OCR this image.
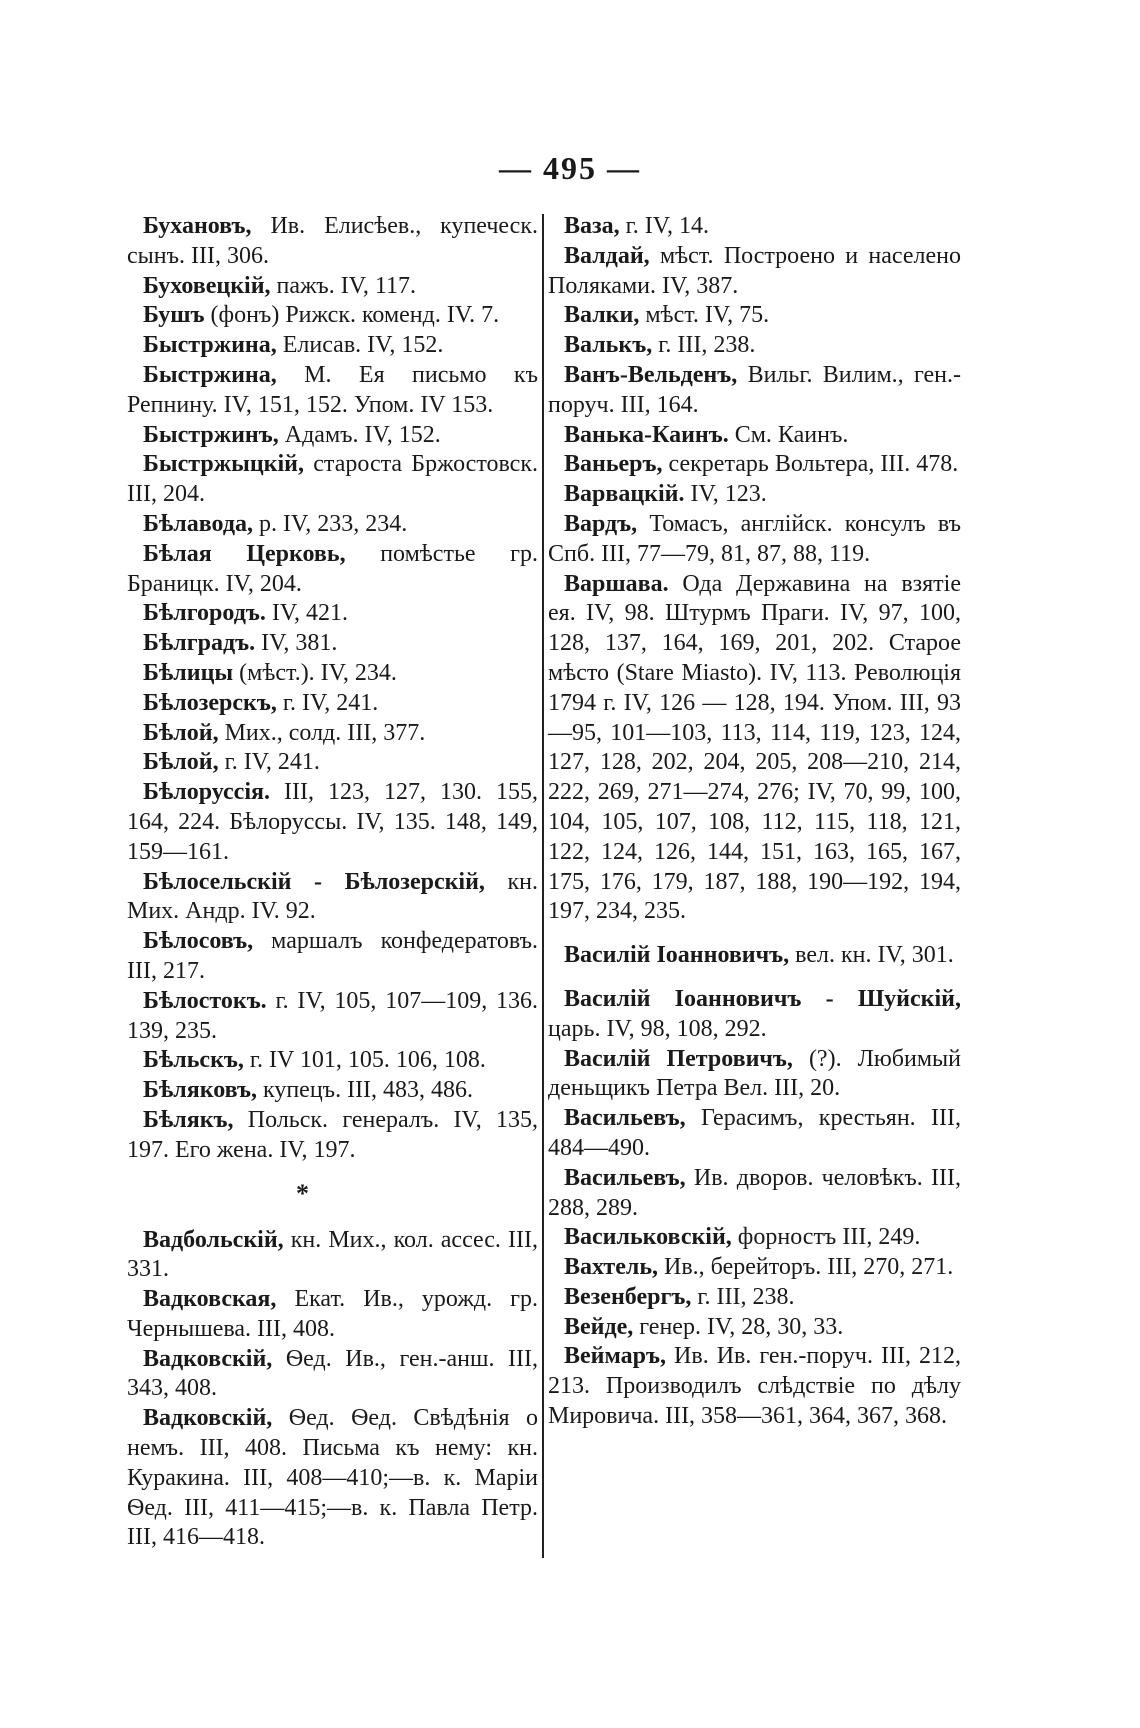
— 495 —

Бухановъ, Ив. Елисѣев., купеческ. сынъ. III, 306.

Буховецкій, пажъ. IV, 117.

Бушъ (фонъ) Рижск. коменд. IV. 7.

Быстржина, Елисав. IV, 152.

Быстржина, М. Ея письмо къ Репнину. IV, 151, 152. Упом. IV 153.

Быстржинъ, Адамъ. IV, 152.

Быстржыцкій, староста Бржостовск. III, 204.

Бѣлавода, р. IV, 233, 234.

Бѣлая Церковь, помѣстье гр. Браницк. IV, 204.

Бѣлгородъ. IV, 421.

Бѣлградъ. IV, 381.

Бѣлицы (мѣст.). IV, 234.

Бѣлозерскъ, г. IV, 241.

Бѣлой, Мих., солд. III, 377.

Бѣлой, г. IV, 241.

Бѣлоруссія. III, 123, 127, 130. 155, 164, 224. Бѣлоруссы. IV, 135. 148, 149, 159—161.

Бѣлосельскій - Бѣлозерскій, кн. Мих. Андр. IV. 92.

Бѣлосовъ, маршалъ конфедератовъ. III, 217.

Бѣлостокъ. г. IV, 105, 107—109, 136. 139, 235.

Бѣльскъ, г. IV 101, 105. 106, 108.

Бѣляковъ, купецъ. III, 483, 486.

Бѣлякъ, Польск. генералъ. IV, 135, 197. Его жена. IV, 197.

*

Вадбольскій, кн. Мих., кол. ассес. III, 331.

Вадковская, Екат. Ив., урожд. гр. Чернышева. III, 408.

Вадковскій, Ѳед. Ив., ген.-анш. III, 343, 408.

Вадковскій, Ѳед. Ѳед. Свѣдѣнія о немъ. III, 408. Письма къ нему: кн. Куракина. III, 408—410;—в. к. Маріи Ѳед. III, 411—415;—в. к. Павла Петр. III, 416—418.

Ваза, г. IV, 14.

Валдай, мѣст. Построено и населено Поляками. IV, 387.

Валки, мѣст. IV, 75.

Валькъ, г. III, 238.

Ванъ-Вельденъ, Вильг. Вилим., ген.-поруч. III, 164.

Ванька-Каинъ. См. Каинъ.

Ваньеръ, секретарь Вольтера, III. 478.

Варвацкій. IV, 123.

Вардъ, Томасъ, англійск. консулъ въ Спб. III, 77—79, 81, 87, 88, 119.

Варшава. Ода Державина на взятіе ея. IV, 98. Штурмъ Праги. IV, 97, 100, 128, 137, 164, 169, 201, 202. Старое мѣсто (Stare Miasto). IV, 113. Революція 1794 г. IV, 126 — 128, 194. Упом. III, 93—95, 101—103, 113, 114, 119, 123, 124, 127, 128, 202, 204, 205, 208—210, 214, 222, 269, 271—274, 276; IV, 70, 99, 100, 104, 105, 107, 108, 112, 115, 118, 121, 122, 124, 126, 144, 151, 163, 165, 167, 175, 176, 179, 187, 188, 190—192, 194, 197, 234, 235.

Василій Іоанновичъ, вел. кн. IV, 301.

Василій Іоанновичъ - Шуйскій, царь. IV, 98, 108, 292.

Василій Петровичъ, (?). Любимый деньщикъ Петра Вел. III, 20.

Васильевъ, Герасимъ, крестьян. III, 484—490.

Васильевъ, Ив. дворов. человѣкъ. III, 288, 289.

Васильковскій, форностъ III, 249.

Вахтель, Ив., берейторъ. III, 270, 271.

Везенбергъ, г. III, 238.

Вейде, генер. IV, 28, 30, 33.

Веймаръ, Ив. Ив. ген.-поруч. III, 212, 213. Производилъ слѣдствіе по дѣлу Мировича. III, 358—361, 364, 367, 368.
